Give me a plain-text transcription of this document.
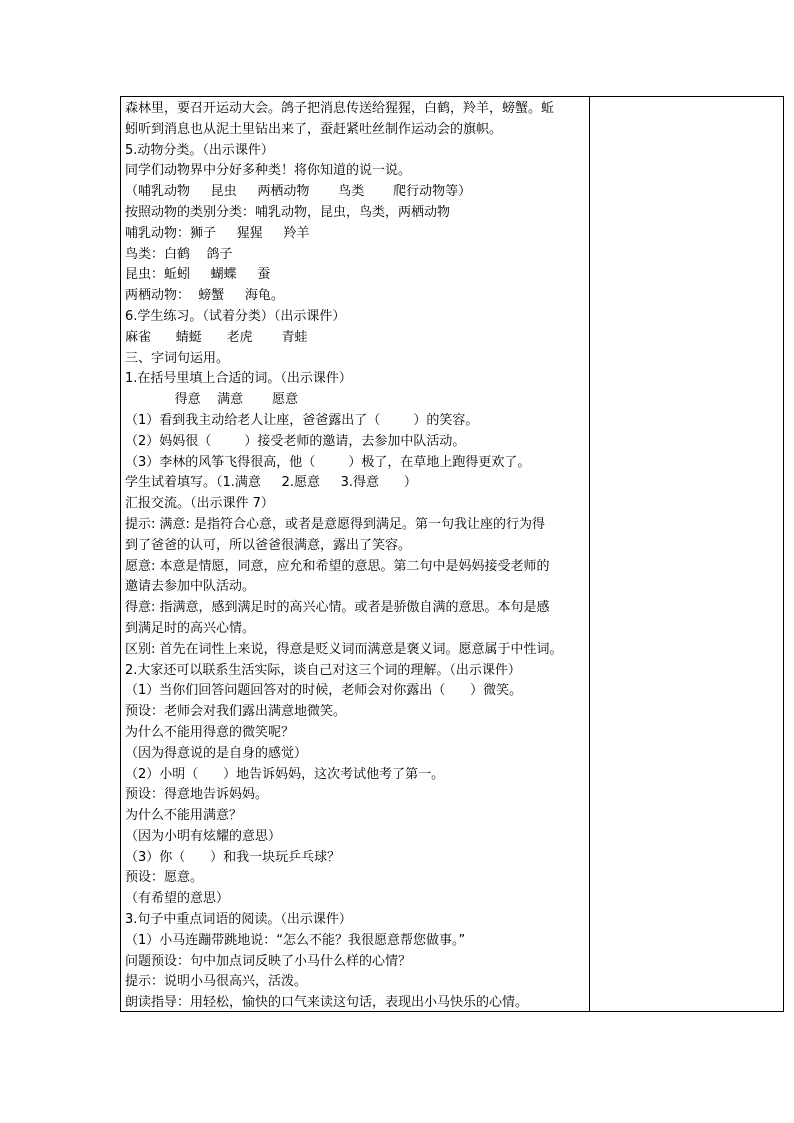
森林里，要召开运动大会。鸽子把消息传送给猩猩，白鹤，羚羊，螃蟹。蚯
蚓听到消息也从泥土里钻出来了，蚕赶紧吐丝制作运动会的旗帜。
5.动物分类。（出示课件）
同学们动物界中分好多种类！将你知道的说一说。
（哺乳动物     昆虫     两栖动物       鸟类       爬行动物等）
按照动物的类别分类：哺乳动物，昆虫，鸟类，两栖动物
哺乳动物：狮子     猩猩     羚羊
鸟类：白鹤    鸽子
昆虫：蚯蚓     蝴蝶     蚕
两栖动物：  螃蟹     海龟。
6.学生练习。（试着分类）（出示课件）
麻雀      蜻蜓      老虎       青蛙
三、字词句运用。
1.在括号里填上合适的词。（出示课件）
得意    满意       愿意
（1）看到我主动给老人让座，爸爸露出了（        ）的笑容。
（2）妈妈很（        ）接受老师的邀请，去参加中队活动。
（3）李林的风筝飞得很高，他（        ）极了，在草地上跑得更欢了。
学生试着填写。（1.满意     2.愿意     3.得意      ）
汇报交流。（出示课件 7）
提示: 满意: 是指符合心意，或者是意愿得到满足。第一句我让座的行为得
到了爸爸的认可，所以爸爸很满意，露出了笑容。
愿意: 本意是情愿，同意，应允和希望的意思。第二句中是妈妈接受老师的
邀请去参加中队活动。
得意: 指满意，感到满足时的高兴心情。或者是骄傲自满的意思。本句是感
到满足时的高兴心情。
区别: 首先在词性上来说，得意是贬义词而满意是褒义词。愿意属于中性词。
2.大家还可以联系生活实际，谈自己对这三个词的理解。（出示课件）
（1）当你们回答问题回答对的时候，老师会对你露出（      ）微笑。
预设：老师会对我们露出满意地微笑。
为什么不能用得意的微笑呢？
（因为得意说的是自身的感觉）
（2）小明（      ）地告诉妈妈，这次考试他考了第一。
预设：得意地告诉妈妈。
为什么不能用满意？
（因为小明有炫耀的意思）
（3）你（      ）和我一块玩乒乓球？
预设：愿意。
（有希望的意思）
3.句子中重点词语的阅读。（出示课件）
（1）小马连蹦带跳地说：“怎么不能？我很愿意帮您做事。”
问题预设：句中加点词反映了小马什么样的心情？
提示：说明小马很高兴，活泼。
朗读指导：用轻松，愉快的口气来读这句话，表现出小马快乐的心情。
